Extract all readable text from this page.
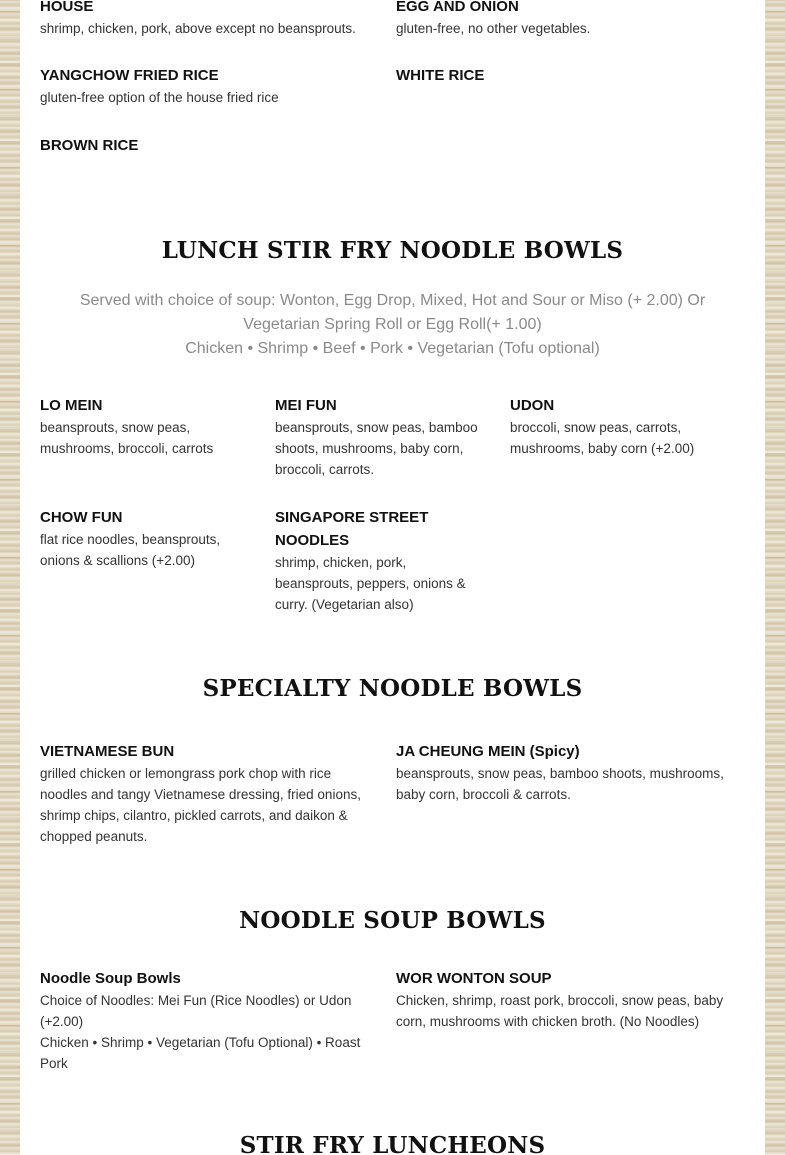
HOUSE

shrimp, chicken, pork, above except no beansprouts.

EGG AND ONION

gluten-free, no other vegetables.

YANGCHOW FRIED RICE

gluten-free option of the house fried rice

WHITE RICE

BROWN RICE

LUNCH STIR FRY NOODLE BOWLS

Served with choice of soup: Wonton, Egg Drop, Mixed, Hot and Sour or Miso (+ 2.00) Or Vegetarian Spring Roll or Egg Roll(+ 1.00)

Chicken • Shrimp • Beef • Pork • Vegetarian (Tofu optional)

LO MEIN

beansprouts, snow peas, mushrooms, broccoli, carrots

MEI FUN

beansprouts, snow peas, bamboo shoots, mushrooms, baby corn, broccoli, carrots.

UDON

broccoli, snow peas, carrots, mushrooms, baby corn (+2.00)

CHOW FUN

flat rice noodles, beansprouts, onions & scallions (+2.00)

SINGAPORE STREET NOODLES

shrimp, chicken, pork, beansprouts, peppers, onions & curry. (Vegetarian also)

SPECIALTY NOODLE BOWLS

VIETNAMESE BUN

grilled chicken or lemongrass pork chop with rice noodles and tangy Vietnamese dressing, fried onions, shrimp chips, cilantro, pickled carrots, and daikon & chopped peanuts.

JA CHEUNG MEIN (Spicy)

beansprouts, snow peas, bamboo shoots, mushrooms, baby corn, broccoli & carrots.

NOODLE SOUP BOWLS

Noodle Soup Bowls

Choice of Noodles: Mei Fun (Rice Noodles) or Udon (+2.00)

Chicken • Shrimp • Vegetarian (Tofu Optional) • Roast Pork

WOR WONTON SOUP

Chicken, shrimp, roast pork, broccoli, snow peas, baby corn, mushrooms with chicken broth. (No Noodles)

STIR FRY LUNCHEONS
